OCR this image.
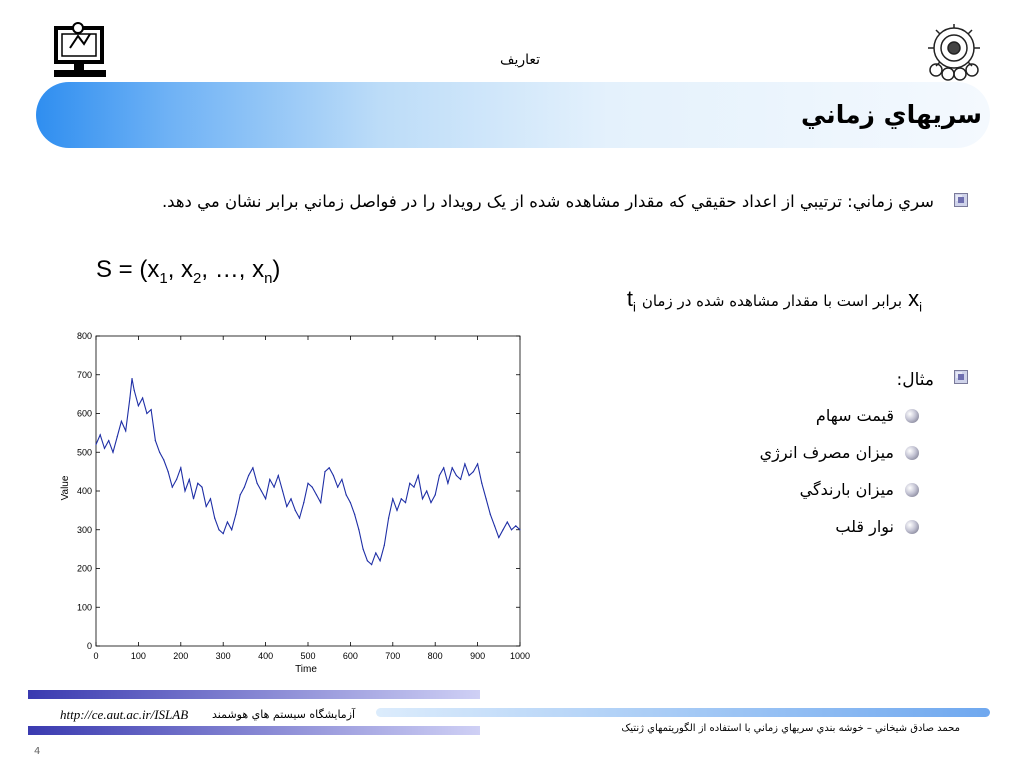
تعاريف
سريهاي زماني
سري زماني: ترتيبي از اعداد حقيقي که مقدار مشاهده شده از يک رويداد را در فواصل زماني برابر نشان مي دهد.
$S = (x_1$, $x_2$, …, $x_n$)
$t_i$ برابر است با مقدار مشاهده شده در زمان $x_i$
مثال:
قيمت سهام
ميزان مصرف انرژي
ميزان بارندگي
نوار قلب
0	100	200	300	400	500	600	700	800	900	1000
0
100
200
300
400
500
600
700
800
Time
Value
http://ce.aut.ac.ir/ISLAB آزمايشگاه سيستم هاي هوشمند
محمد صادق شيخاني – خوشه بندي سريهاي زماني با استفاده از الگوريتمهاي ژنتيک
4
